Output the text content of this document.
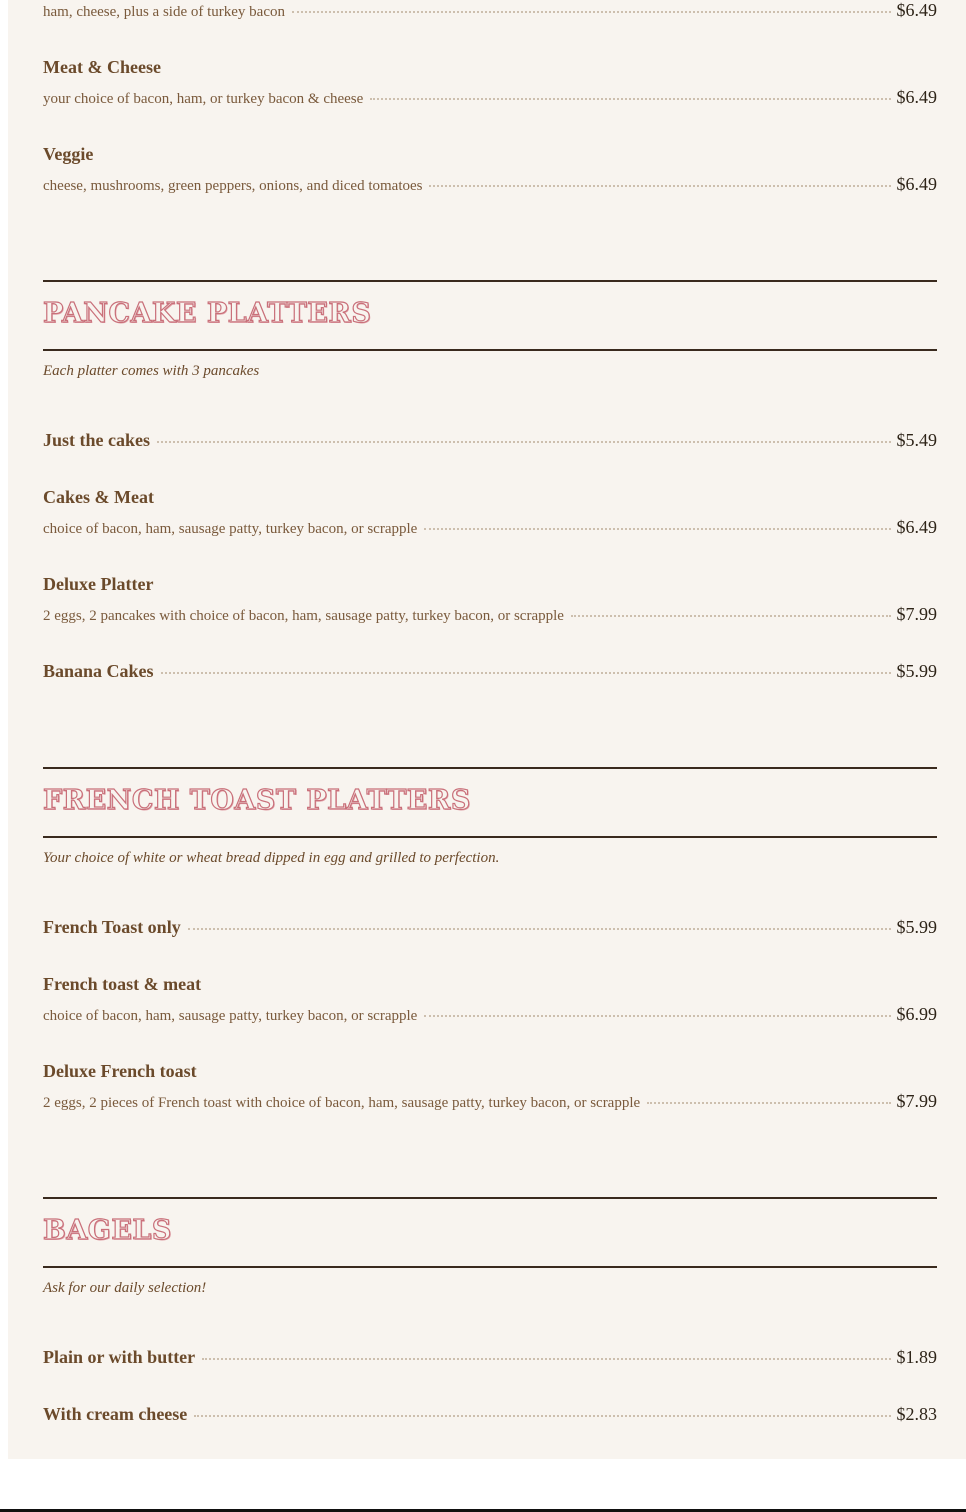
ham, cheese, plus a side of turkey bacon	$6.49
Meat & Cheese
your choice of bacon, ham, or turkey bacon & cheese	$6.49
Veggie
cheese, mushrooms, green peppers, onions, and diced tomatoes	$6.49
PANCAKE PLATTERS
Each platter comes with 3 pancakes
Just the cakes	$5.49
Cakes & Meat
choice of bacon, ham, sausage patty, turkey bacon, or scrapple	$6.49
Deluxe Platter
2 eggs, 2 pancakes with choice of bacon, ham, sausage patty, turkey bacon, or scrapple	$7.99
Banana Cakes	$5.99
FRENCH TOAST PLATTERS
Your choice of white or wheat bread dipped in egg and grilled to perfection.
French Toast only	$5.99
French toast & meat
choice of bacon, ham, sausage patty, turkey bacon, or scrapple	$6.99
Deluxe French toast
2 eggs, 2 pieces of French toast with choice of bacon, ham, sausage patty, turkey bacon, or scrapple	$7.99
BAGELS
Ask for our daily selection!
Plain or with butter	$1.89
With cream cheese	$2.83
